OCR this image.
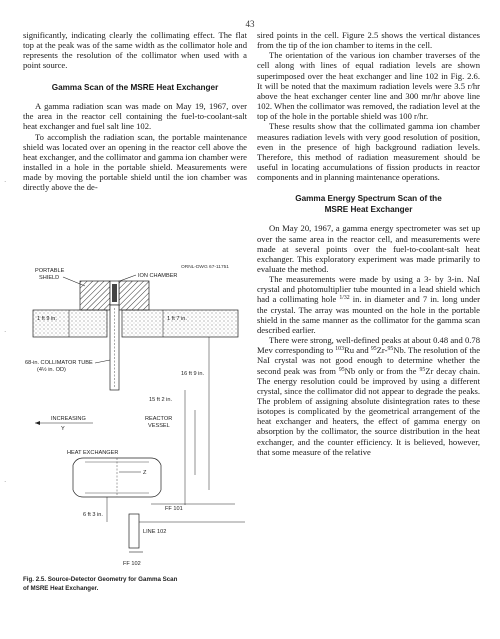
43

significantly, indicating clearly the collimating effect. The flat top at the peak was of the same width as the collimator hole and represents the resolution of the collimator when used with a point source.

Gamma Scan of the MSRE Heat Exchanger

A gamma radiation scan was made on May 19, 1967, over the area in the reactor cell containing the fuel-to-coolant-salt heat exchanger and fuel salt line 102.

To accomplish the radiation scan, the portable maintenance shield was located over an opening in the reactor cell above the heat exchanger, and the collimator and gamma ion chamber were installed in a hole in the portable shield. Measurements were made by moving the portable shield until the ion chamber was directly above the de-

sired points in the cell. Figure 2.5 shows the vertical distances from the tip of the ion chamber to items in the cell.

The orientation of the various ion chamber traverses of the cell along with lines of equal radiation levels are shown superimposed over the heat exchanger and line 102 in Fig. 2.6. It will be noted that the maximum radiation levels were 3.5 r/hr above the heat exchanger center line and 300 mr/hr above line 102. When the collimator was removed, the radiation level at the top of the hole in the portable shield was 100 r/hr.

These results show that the collimated gamma ion chamber measures radiation levels with very good resolution of position, even in the presence of high background radiation levels. Therefore, this method of radiation measurement should be useful in locating accumulations of fission products in reactor components and in planning maintenance operations.

Gamma Energy Spectrum Scan of the
MSRE Heat Exchanger

On May 20, 1967, a gamma energy spectrometer was set up over the same area in the reactor cell, and measurements were made at several points over the fuel-to-coolant-salt heat exchanger. This exploratory experiment was made primarily to evaluate the method.

The measurements were made by using a 3- by 3-in. NaI crystal and photomultiplier tube mounted in a lead shield which had a collimating hole $^{1/32}$ in. in diameter and 7 in. long under the crystal. The array was mounted on the hole in the portable shield in the same manner as the collimator for the gamma scan described earlier.

There were strong, well-defined peaks at about 0.48 and 0.78 Mev corresponding to $^{103}$Ru and $^{95}$Zr-$^{95}$Nb. The resolution of the NaI crystal was not good enough to determine whether the second peak was from $^{95}$Nb only or from the $^{95}$Zr decay chain. The energy resolution could be improved by using a different crystal, since the collimator did not appear to degrade the peaks. The problem of assigning absolute disintegration rates to these isotopes is complicated by the geometrical arrangement of the heat exchanger and heaters, the effect of gamma energy on absorption by the collimator, the source distribution in the heat exchanger, and the counter efficiency. It is believed, however, that some measure of the relative

ORNL-DWG 67-11751
PORTABLE
SHIELD	ION CHAMBER
1 ft 9 in.	1 ft 7 in.
68-in. COLLIMATOR TUBE
(4½ in. OD)
16 ft 9 in.
15 ft 2 in.
INCREASING
Y
REACTOR
VESSEL
HEAT EXCHANGER
Z
6 ft 3 in.
FF 101
LINE 102
FF 102
Fig. 2.5. Source-Detector Geometry for Gamma Scan
of MSRE Heat Exchanger.
·
·
·
